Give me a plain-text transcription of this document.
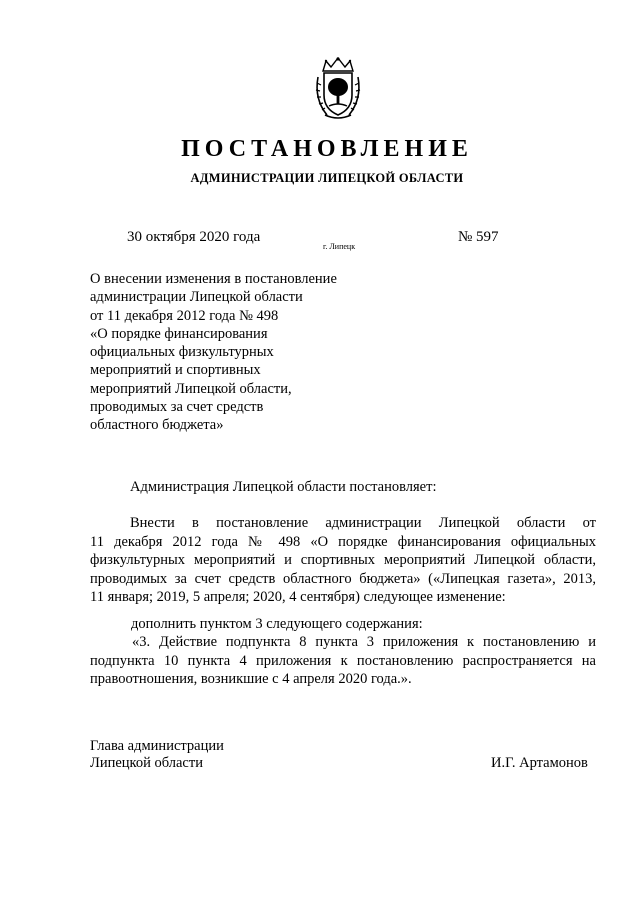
ПОСТАНОВЛЕНИЕ
АДМИНИСТРАЦИИ ЛИПЕЦКОЙ ОБЛАСТИ
30 октября 2020 года
г. Липецк
№ 597
О внесении изменения в постановление
администрации Липецкой области
от 11 декабря 2012 года № 498
«О порядке финансирования
официальных физкультурных
мероприятий и спортивных
мероприятий Липецкой области,
проводимых за счет средств
областного бюджета»
Администрация Липецкой области постановляет:
Внести в постановление администрации Липецкой области от
11 декабря 2012 года № 498 «О порядке финансирования официальных
физкультурных мероприятий и спортивных мероприятий Липецкой области,
проводимых за счет средств областного бюджета» («Липецкая газета», 2013,
11 января; 2019, 5 апреля; 2020, 4 сентября) следующее изменение:
дополнить пунктом 3 следующего содержания:
«3. Действие подпункта 8 пункта 3 приложения к постановлению и
подпункта 10 пункта 4 приложения к постановлению распространяется на
правоотношения, возникшие с 4 апреля 2020 года.».
Глава администрации
Липецкой области	И.Г. Артамонов
